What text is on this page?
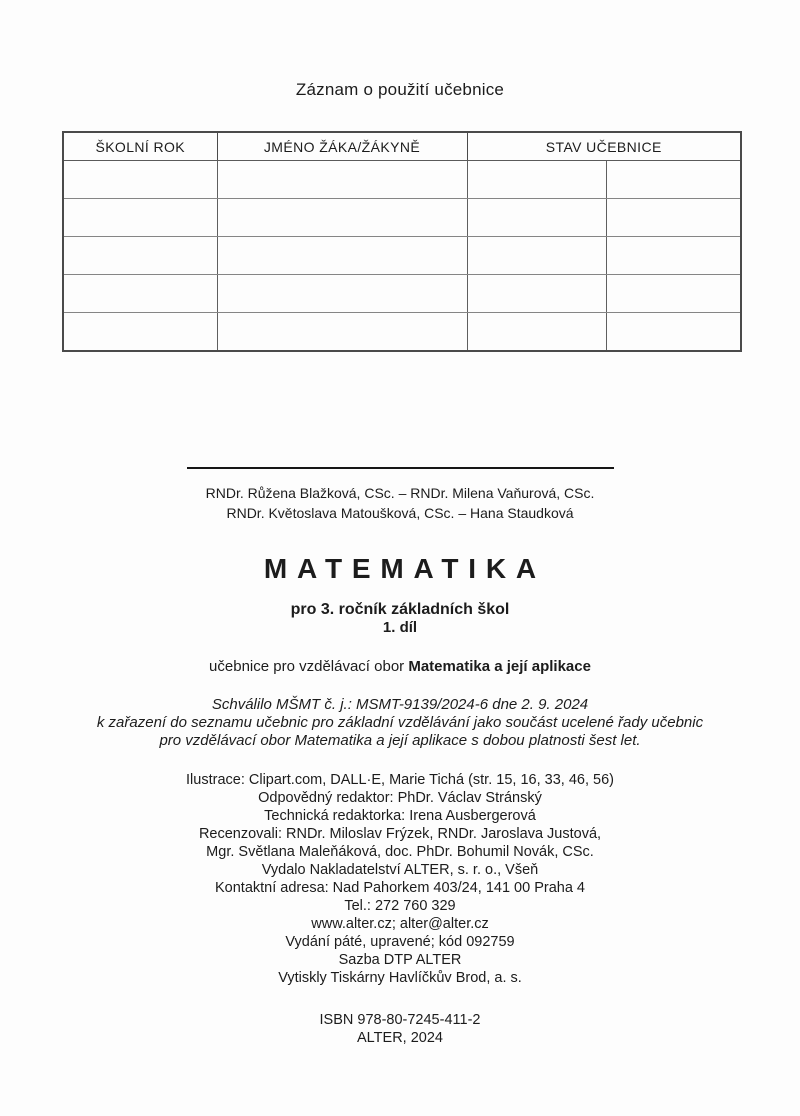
Záznam o použití učebnice
ŠKOLNÍ ROK	JMÉNO ŽÁKA/ŽÁKYNĚ	STAV UČEBNICE	

RNDr. Růžena Blažková, CSc. – RNDr. Milena Vaňurová, CSc.
RNDr. Květoslava Matoušková, CSc. – Hana Staudková
MATEMATIKA
pro 3. ročník základních škol
1. díl
učebnice pro vzdělávací obor Matematika a její aplikace
Schválilo MŠMT č. j.: MSMT-9139/2024-6 dne 2. 9. 2024
k zařazení do seznamu učebnic pro základní vzdělávání jako součást ucelené řady učebnic
pro vzdělávací obor Matematika a její aplikace s dobou platnosti šest let.
Ilustrace: Clipart.com, DALL·E, Marie Tichá (str. 15, 16, 33, 46, 56)
Odpovědný redaktor: PhDr. Václav Stránský
Technická redaktorka: Irena Ausbergerová
Recenzovali: RNDr. Miloslav Frýzek, RNDr. Jaroslava Justová,
Mgr. Světlana Maleňáková, doc. PhDr. Bohumil Novák, CSc.
Vydalo Nakladatelství ALTER, s. r. o., Všeň
Kontaktní adresa: Nad Pahorkem 403/24, 141 00 Praha 4
Tel.: 272 760 329
www.alter.cz; alter@alter.cz
Vydání páté, upravené; kód 092759
Sazba DTP ALTER
Vytiskly Tiskárny Havlíčkův Brod, a. s.
ISBN 978-80-7245-411-2
ALTER, 2024
